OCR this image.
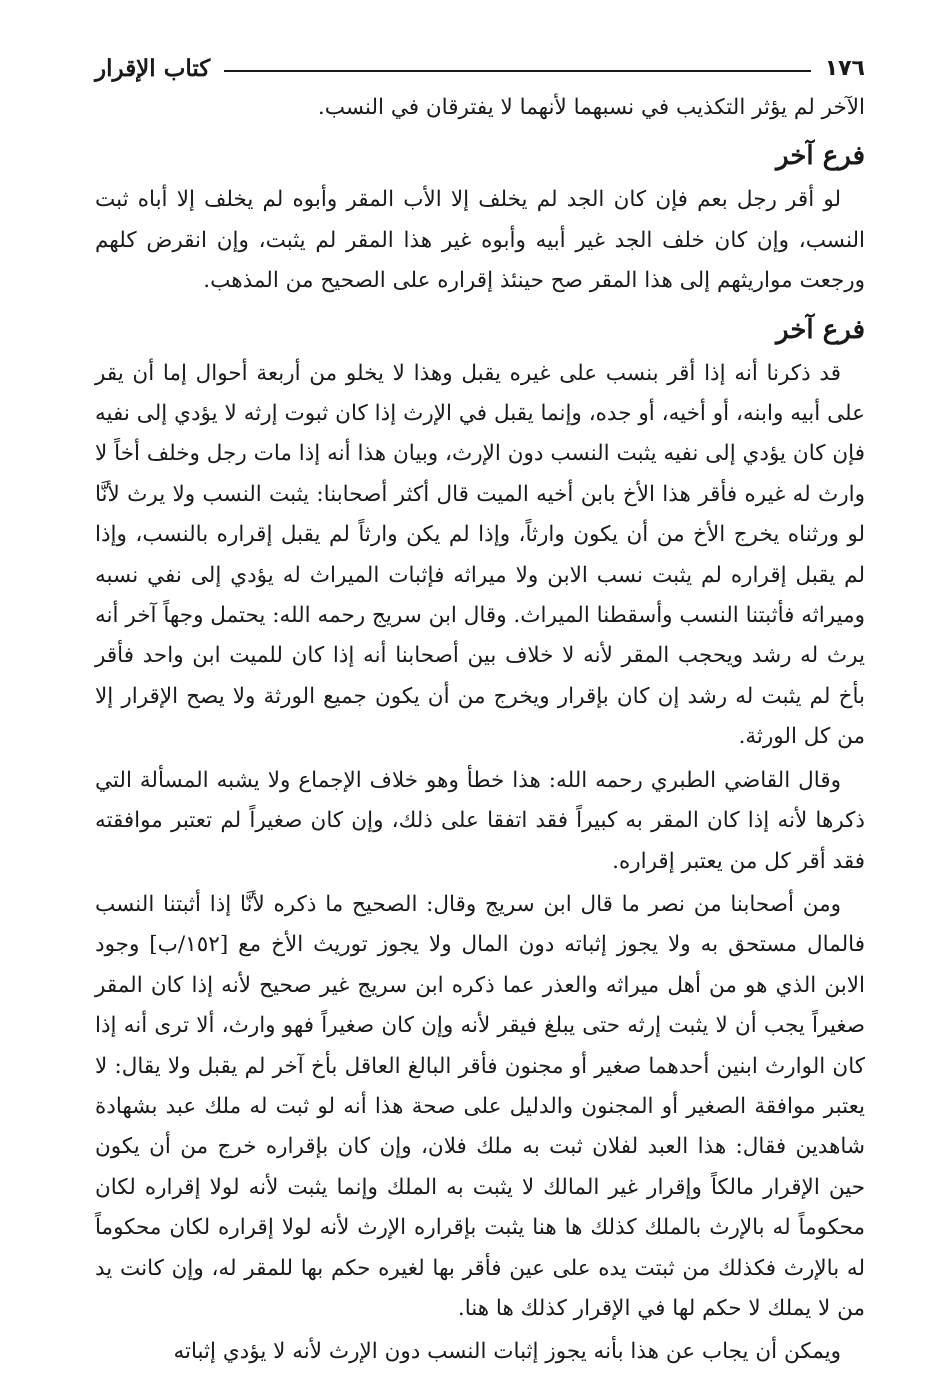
١٧٦
كتاب الإقرار

الآخر لم يؤثر التكذيب في نسبهما لأنهما لا يفترقان في النسب.

فرع آخر

لو أقر رجل بعم فإن كان الجد لم يخلف إلا الأب المقر وأبوه لم يخلف إلا أباه ثبت النسب، وإن كان خلف الجد غير أبيه وأبوه غير هذا المقر لم يثبت، وإن انقرض كلهم ورجعت مواريثهم إلى هذا المقر صح حينئذ إقراره على الصحيح من المذهب.

فرع آخر

قد ذكرنا أنه إذا أقر بنسب على غيره يقبل وهذا لا يخلو من أربعة أحوال إما أن يقر على أبيه وابنه، أو أخيه، أو جده، وإنما يقبل في الإرث إذا كان ثبوت إرثه لا يؤدي إلى نفيه فإن كان يؤدي إلى نفيه يثبت النسب دون الإرث، وبيان هذا أنه إذا مات رجل وخلف أخاً لا وارث له غيره فأقر هذا الأخ بابن أخيه الميت قال أكثر أصحابنا: يثبت النسب ولا يرث لأنَّا لو ورثناه يخرج الأخ من أن يكون وارثاً، وإذا لم يكن وارثاً لم يقبل إقراره بالنسب، وإذا لم يقبل إقراره لم يثبت نسب الابن ولا ميراثه فإثبات الميراث له يؤدي إلى نفي نسبه وميراثه فأثبتنا النسب وأسقطنا الميراث. وقال ابن سريج رحمه الله: يحتمل وجهاً آخر أنه يرث له رشد ويحجب المقر لأنه لا خلاف بين أصحابنا أنه إذا كان للميت ابن واحد فأقر بأخ لم يثبت له رشد إن كان بإقرار ويخرج من أن يكون جميع الورثة ولا يصح الإقرار إلا من كل الورثة.

وقال القاضي الطبري رحمه الله: هذا خطأ وهو خلاف الإجماع ولا يشبه المسألة التي ذكرها لأنه إذا كان المقر به كبيراً فقد اتفقا على ذلك، وإن كان صغيراً لم تعتبر موافقته فقد أقر كل من يعتبر إقراره.

ومن أصحابنا من نصر ما قال ابن سريج وقال: الصحيح ما ذكره لأنَّا إذا أثبتنا النسب فالمال مستحق به ولا يجوز إثباته دون المال ولا يجوز توريث الأخ مع [١٥٢/ب] وجود الابن الذي هو من أهل ميراثه والعذر عما ذكره ابن سريج غير صحيح لأنه إذا كان المقر صغيراً يجب أن لا يثبت إرثه حتى يبلغ فيقر لأنه وإن كان صغيراً فهو وارث، ألا ترى أنه إذا كان الوارث ابنين أحدهما صغير أو مجنون فأقر البالغ العاقل بأخ آخر لم يقبل ولا يقال: لا يعتبر موافقة الصغير أو المجنون والدليل على صحة هذا أنه لو ثبت له ملك عبد بشهادة شاهدين فقال: هذا العبد لفلان ثبت به ملك فلان، وإن كان بإقراره خرج من أن يكون حين الإقرار مالكاً وإقرار غير المالك لا يثبت به الملك وإنما يثبت لأنه لولا إقراره لكان محكوماً له بالإرث بالملك كذلك ها هنا يثبت بإقراره الإرث لأنه لولا إقراره لكان محكوماً له بالإرث فكذلك من ثبتت يده على عين فأقر بها لغيره حكم بها للمقر له، وإن كانت يد من لا يملك لا حكم لها في الإقرار كذلك ها هنا.

ويمكن أن يجاب عن هذا بأنه يجوز إثبات النسب دون الإرث لأنه لا يؤدي إثباته
